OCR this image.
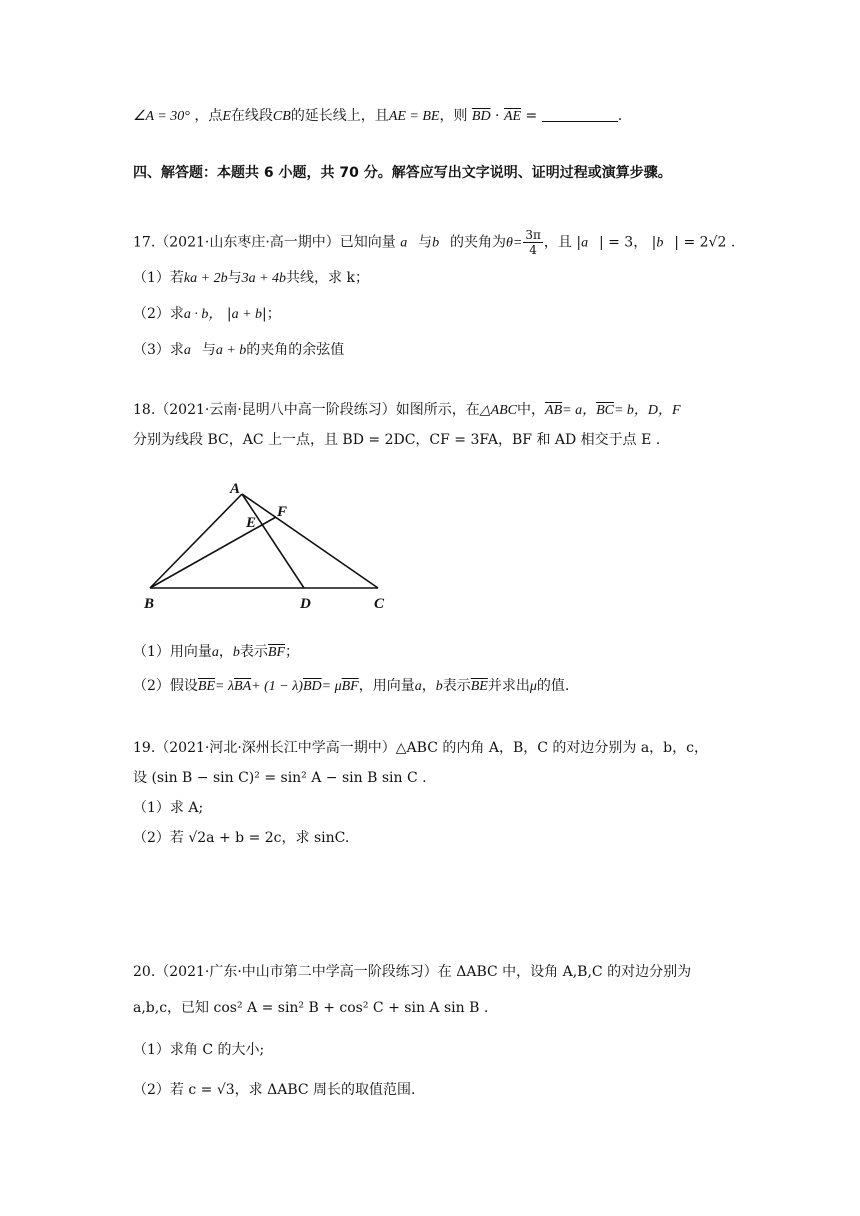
∠A = 30° ，点E在线段CB的延长线上，且AE = BE，则 $\overline{BD} \cdot \overline{AE}$ =	.
四、解答题：本题共 6 小题，共 70 分。解答应写出文字说明、证明过程或演算步骤。
17.（2021·山东枣庄·高一期中）已知向量 a⃗与b⃗的夹角为$\theta= \frac{3\pi}{4}$ ，且 |a⃗| = 3， |b⃗| = 2√2 .
（1）若ka + 2b与3a + 4b共线，求 k；
（2）求a · b， |a + b|；
（3）求a⃗与a + b的夹角的余弦值
18.（2021·云南·昆明八中高一阶段练习）如图所示，在△ABC中，$\overline{AB}= a$，$\overline{BC}= b$，D，F
分别为线段 BC，AC 上一点，且 BD = 2DC，CF = 3FA，BF 和 AD 相交于点 E .
A
E
F
B	D	C
（1）用向量a，b表示$\overline{BF}$；
（2）假设$\overline{BE}= \lambda\overline{BA}+ (1 - \lambda)\overline{BD}= \mu\overline{BF}$，用向量a，b表示$\overline{BE}$并求出μ的值.
19.（2021·河北·深州长江中学高一期中）△ABC 的内角 A，B，C 的对边分别为 a，b，c，
设 (sin B − sin C)² = sin² A − sin B sin C .
（1）求 A;
（2）若 √2a + b = 2c，求 sinC.
20.（2021·广东·中山市第二中学高一阶段练习）在 ΔABC 中，设角 A,B,C 的对边分别为
a,b,c，已知 cos² A = sin² B + cos² C + sin A sin B .
（1）求角 C 的大小;
（2）若 c = √3，求 ΔABC 周长的取值范围.
